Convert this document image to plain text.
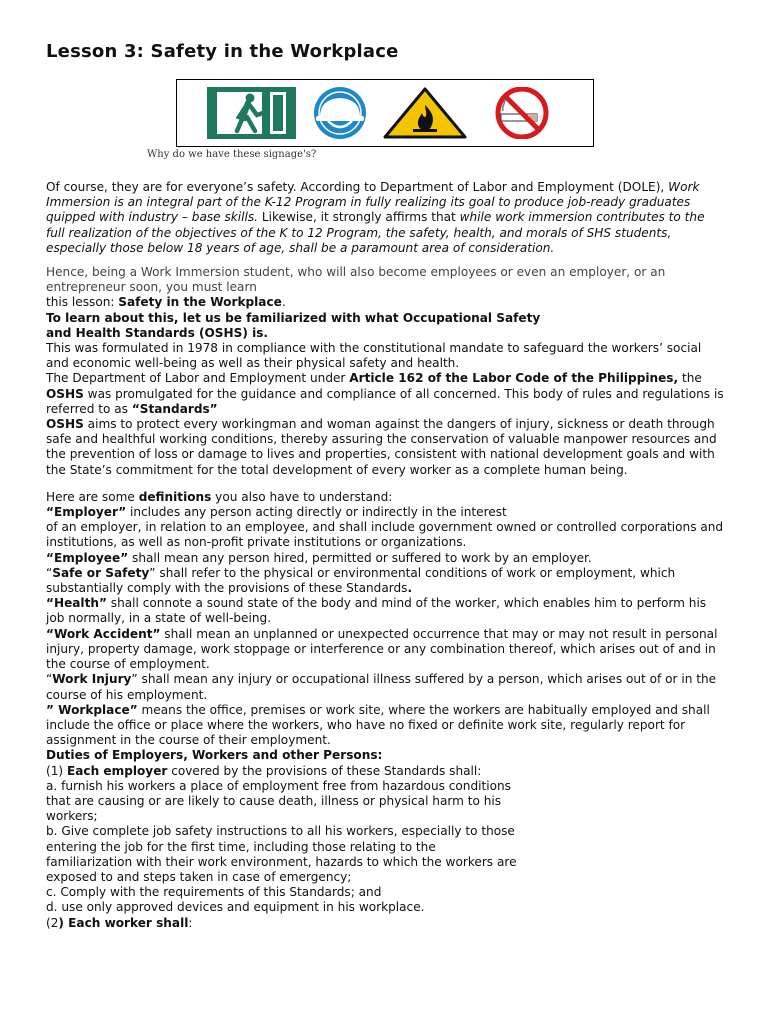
Lesson 3: Safety in the Workplace
Why do we have these signage's?

Of course, they are for everyone’s safety. According to Department of Labor and Employment (DOLE), Work Immersion is an integral part of the K-12 Program in fully realizing its goal to produce job-ready graduates quipped with industry – base skills. Likewise, it strongly affirms that while work immersion contributes to the full realization of the objectives of the K to 12 Program, the safety, health, and morals of SHS students, especially those below 18 years of age, shall be a paramount area of consideration.

Hence, being a Work Immersion student, who will also become employees or even an employer, or an entrepreneur soon, you must learn

this lesson: Safety in the Workplace.

To learn about this, let us be familiarized with what Occupational Safety

and Health Standards (OSHS) is.

This was formulated in 1978 in compliance with the constitutional mandate to safeguard the workers’ social and economic well-being as well as their physical safety and health.

The Department of Labor and Employment under Article 162 of the Labor Code of the Philippines, the OSHS was promulgated for the guidance and compliance of all concerned. This body of rules and regulations is referred to as “Standards”

OSHS aims to protect every workingman and woman against the dangers of injury, sickness or death through safe and healthful working conditions, thereby assuring the conservation of valuable manpower resources and the prevention of loss or damage to lives and properties, consistent with national development goals and with the State’s commitment for the total development of every worker as a complete human being.

Here are some definitions you also have to understand:

“Employer” includes any person acting directly or indirectly in the interest

of an employer, in relation to an employee, and shall include government owned or controlled corporations and institutions, as well as non-profit private institutions or organizations.

“Employee” shall mean any person hired, permitted or suffered to work by an employer.

“Safe or Safety” shall refer to the physical or environmental conditions of work or employment, which substantially comply with the provisions of these Standards.

“Health” shall connote a sound state of the body and mind of the worker, which enables him to perform his job normally, in a state of well-being.

“Work Accident” shall mean an unplanned or unexpected occurrence that may or may not result in personal injury, property damage, work stoppage or interference or any combination thereof, which arises out of and in the course of employment.

“Work Injury” shall mean any injury or occupational illness suffered by a person, which arises out of or in the course of his employment.

” Workplace” means the office, premises or work site, where the workers are habitually employed and shall include the office or place where the workers, who have no fixed or definite work site, regularly report for assignment in the course of their employment.

Duties of Employers, Workers and other Persons:

(1) Each employer covered by the provisions of these Standards shall:

a. furnish his workers a place of employment free from hazardous conditions

that are causing or are likely to cause death, illness or physical harm to his

workers;

b. Give complete job safety instructions to all his workers, especially to those

entering the job for the first time, including those relating to the

familiarization with their work environment, hazards to which the workers are

exposed to and steps taken in case of emergency;

c. Comply with the requirements of this Standards; and

d. use only approved devices and equipment in his workplace.

(2) Each worker shall:
